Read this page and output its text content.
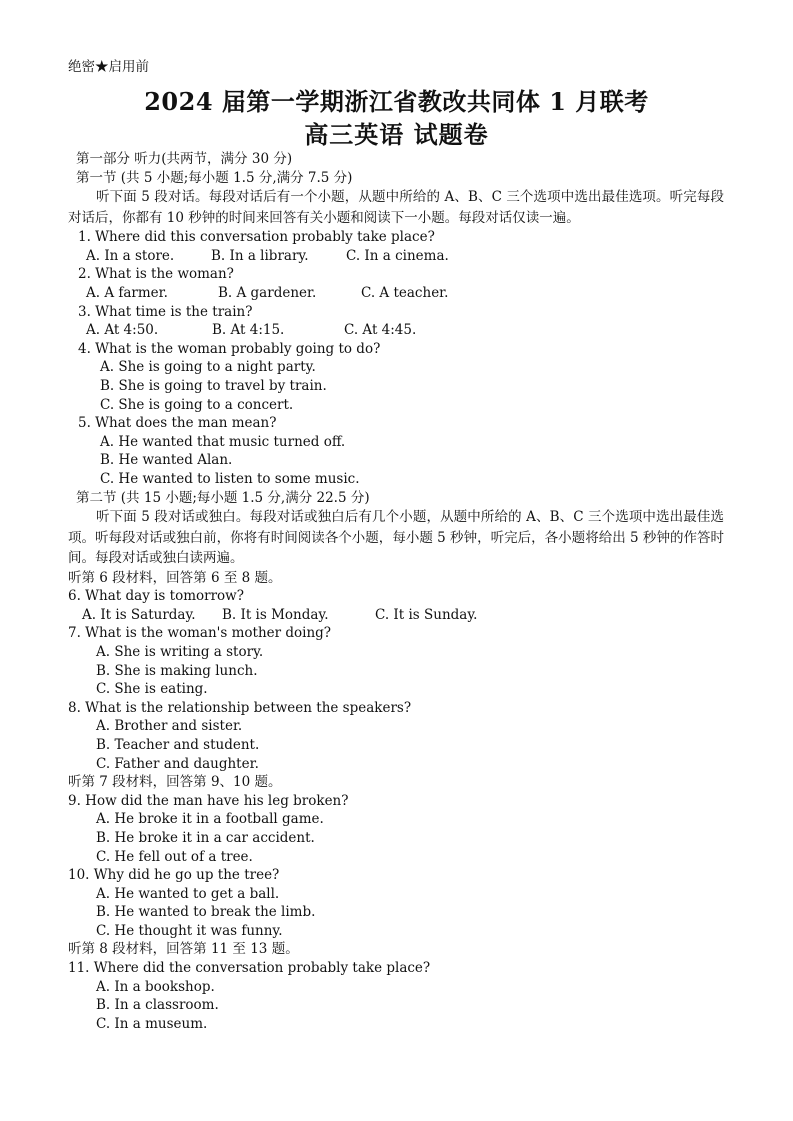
绝密★启用前
2024 届第一学期浙江省教改共同体 1 月联考
高三英语 试题卷
第一部分 听力(共两节，满分 30 分)
第一节 (共 5 小题;每小题 1.5 分,满分 7.5 分)

听下面 5 段对话。每段对话后有一个小题，从题中所给的 A、B、C 三个选项中选出最佳选项。听完每段对话后，你都有 10 秒钟的时间来回答有关小题和阅读下一小题。每段对话仅读一遍。

1. Where did this conversation probably take place?
A. In a store.	B. In a library.	C. In a cinema.
2. What is the woman?
A. A farmer.	B. A gardener.	C. A teacher.
3. What time is the train?
A. At 4:50.	B. At 4:15.	C. At 4:45.
4. What is the woman probably going to do?
A. She is going to a night party.
B. She is going to travel by train.
C. She is going to a concert.
5. What does the man mean?
A. He wanted that music turned off.
B. He wanted Alan.
C. He wanted to listen to some music.
第二节 (共 15 小题;每小题 1.5 分,满分 22.5 分)

听下面 5 段对话或独白。每段对话或独白后有几个小题，从题中所给的 A、B、C 三个选项中选出最佳选项。听每段对话或独白前，你将有时间阅读各个小题，每小题 5 秒钟，听完后，各小题将给出 5 秒钟的作答时间。每段对话或独白读两遍。

听第 6 段材料，回答第 6 至 8 题。
6. What day is tomorrow?
A. It is Saturday.	B. It is Monday.	C. It is Sunday.
7. What is the woman's mother doing?
A. She is writing a story.
B. She is making lunch.
C. She is eating.
8. What is the relationship between the speakers?
A. Brother and sister.
B. Teacher and student.
C. Father and daughter.
听第 7 段材料，回答第 9、10 题。
9. How did the man have his leg broken?
A. He broke it in a football game.
B. He broke it in a car accident.
C. He fell out of a tree.
10. Why did he go up the tree?
A. He wanted to get a ball.
B. He wanted to break the limb.
C. He thought it was funny.
听第 8 段材料，回答第 11 至 13 题。
11. Where did the conversation probably take place?
A. In a bookshop.
B. In a classroom.
C. In a museum.
